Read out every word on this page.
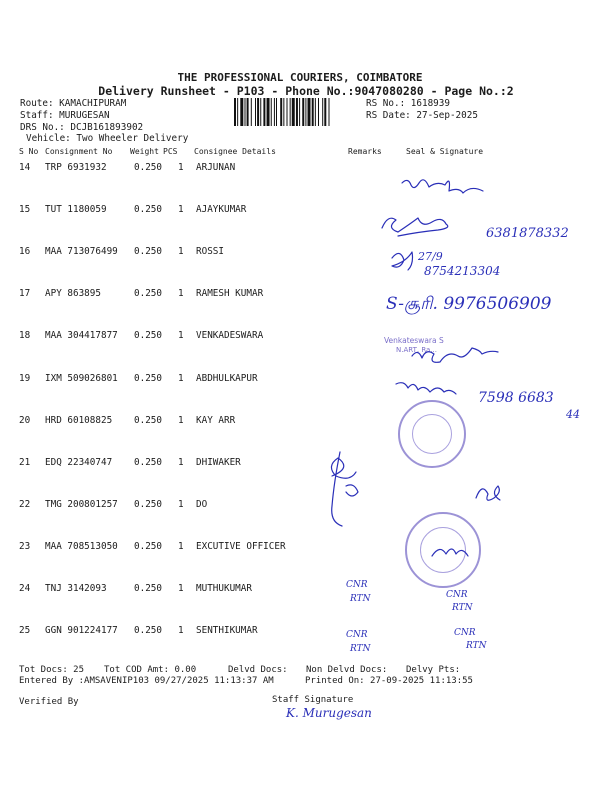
THE PROFESSIONAL COURIERS, COIMBATORE
Delivery Runsheet - P103 - Phone No.:9047080280 - Page No.:2
Route: KAMACHIPURAM
Staff: MURUGESAN
DRS No.: DCJB161893902
Vehicle: Two Wheeler Delivery
RS No.: 1618939
RS Date: 27-Sep-2025
S No Consignment No Weight PCS Consignee Details	Remarks	Seal & Signature
14 TRP 6931932	0.250 1 ARJUNAN
15 TUT 1180059	0.250 1 AJAYKUMAR
16 MAA 713076499 0.250 1 ROSSI
17 APY 863895	0.250 1 RAMESH KUMAR
18 MAA 304417877 0.250 1 VENKADESWARA
19 IXM 509026801 0.250 1 ABDHULKAPUR
20 HRD 60108825 0.250 1 KAY ARR
21 EDQ 22340747 0.250 1 DHIWAKER
22 TMG 200801257 0.250 1 DO
23 MAA 708513050 0.250 1 EXCUTIVE OFFICER
24 TNJ 3142093	0.250 1 MUTHUKUMAR
25 GGN 901224177 0.250 1 SENTHIKUMAR
Tot Docs: 25 Tot COD Amt: 0.00	Delvd Docs: Non Delvd Docs: Delvy Pts:
Entered By :AMSAVENIP103 09/27/2025 11:13:37 AM	Printed On: 27-09-2025 11:13:55
Verified By	Staff Signature
Venkateswara S
N.ART, Ra...
6381878332
27/9
8754213304
S-சூரி. 9976506909
7598 6683
44
CNR
RTN	CNR
RTN
CNR
RTN
CNR
RTN
K. Murugesan
